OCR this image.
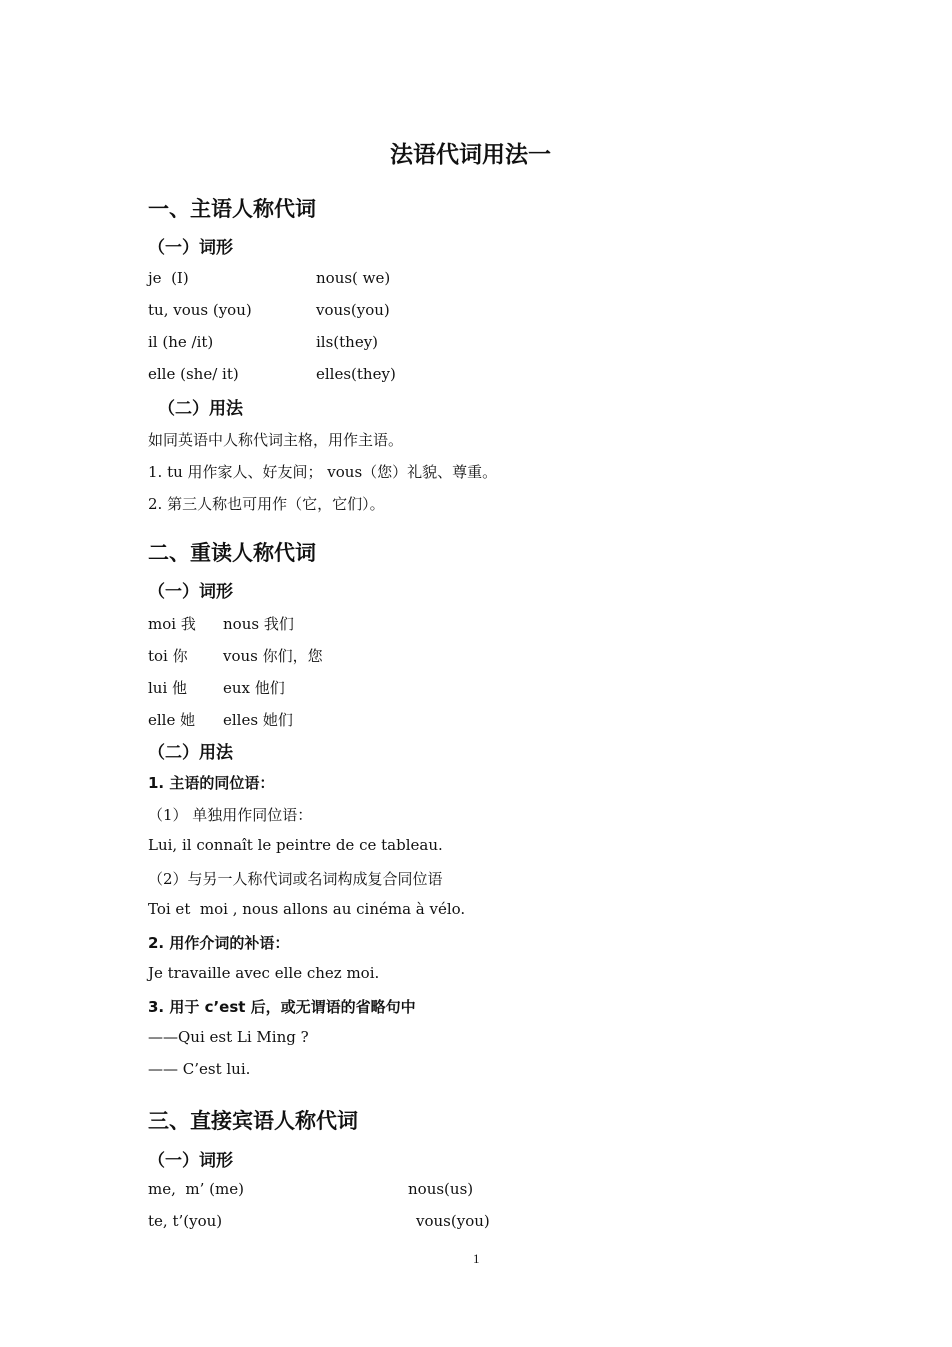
法语代词用法一
一、主语人称代词
（一）词形
je  (I)	nous( we)
tu, vous (you)	vous(you)
il (he /it)	ils(they)
elle (she/ it)	elles(they)
（二）用法
如同英语中人称代词主格，用作主语。
1. tu 用作家人、好友间； vous（您）礼貌、尊重。
2. 第三人称也可用作（它，它们）。
二、重读人称代词
（一）词形
moi 我 nous 我们
toi 你 vous 你们，您
lui 他 eux 他们
elle 她 elles 她们
（二）用法
1. 主语的同位语：
（1） 单独用作同位语：
Lui, il connaît le peintre de ce tableau.
（2）与另一人称代词或名词构成复合同位语
Toi et  moi , nous allons au cinéma à vélo.
2. 用作介词的补语：
Je travaille avec elle chez moi.
3. 用于 c’est 后，或无谓语的省略句中
——Qui est Li Ming ?
—— C’est lui.
三、直接宾语人称代词
（一）词形
me,  m’ (me)	nous(us)
te, t’(you)	vous(you)
1
